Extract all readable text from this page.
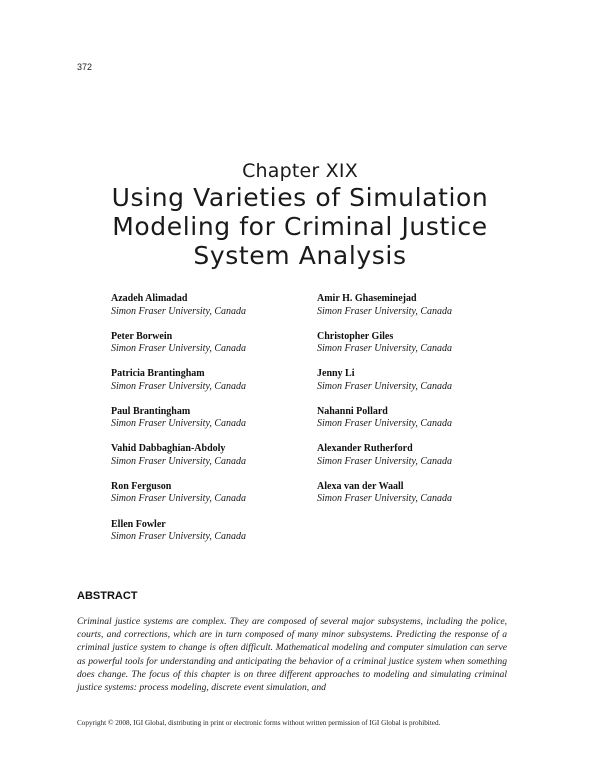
372
Chapter XIX
Using Varieties of Simulation Modeling for Criminal Justice System Analysis
Azadeh Alimadad
Simon Fraser University, Canada
Peter Borwein
Simon Fraser University, Canada
Patricia Brantingham
Simon Fraser University, Canada
Paul Brantingham
Simon Fraser University, Canada
Vahid Dabbaghian-Abdoly
Simon Fraser University, Canada
Ron Ferguson
Simon Fraser University, Canada
Ellen Fowler
Simon Fraser University, Canada
Amir H. Ghaseminejad
Simon Fraser University, Canada
Christopher Giles
Simon Fraser University, Canada
Jenny Li
Simon Fraser University, Canada
Nahanni Pollard
Simon Fraser University, Canada
Alexander Rutherford
Simon Fraser University, Canada
Alexa van der Waall
Simon Fraser University, Canada
ABSTRACT

Criminal justice systems are complex. They are composed of several major subsystems, including the police, courts, and corrections, which are in turn composed of many minor subsystems. Predicting the response of a criminal justice system to change is often difficult. Mathematical modeling and computer simulation can serve as powerful tools for understanding and anticipating the behavior of a criminal justice system when something does change. The focus of this chapter is on three different approaches to modeling and simulating criminal justice systems: process modeling, discrete event simulation, and

Copyright © 2008, IGI Global, distributing in print or electronic forms without written permission of IGI Global is prohibited.
